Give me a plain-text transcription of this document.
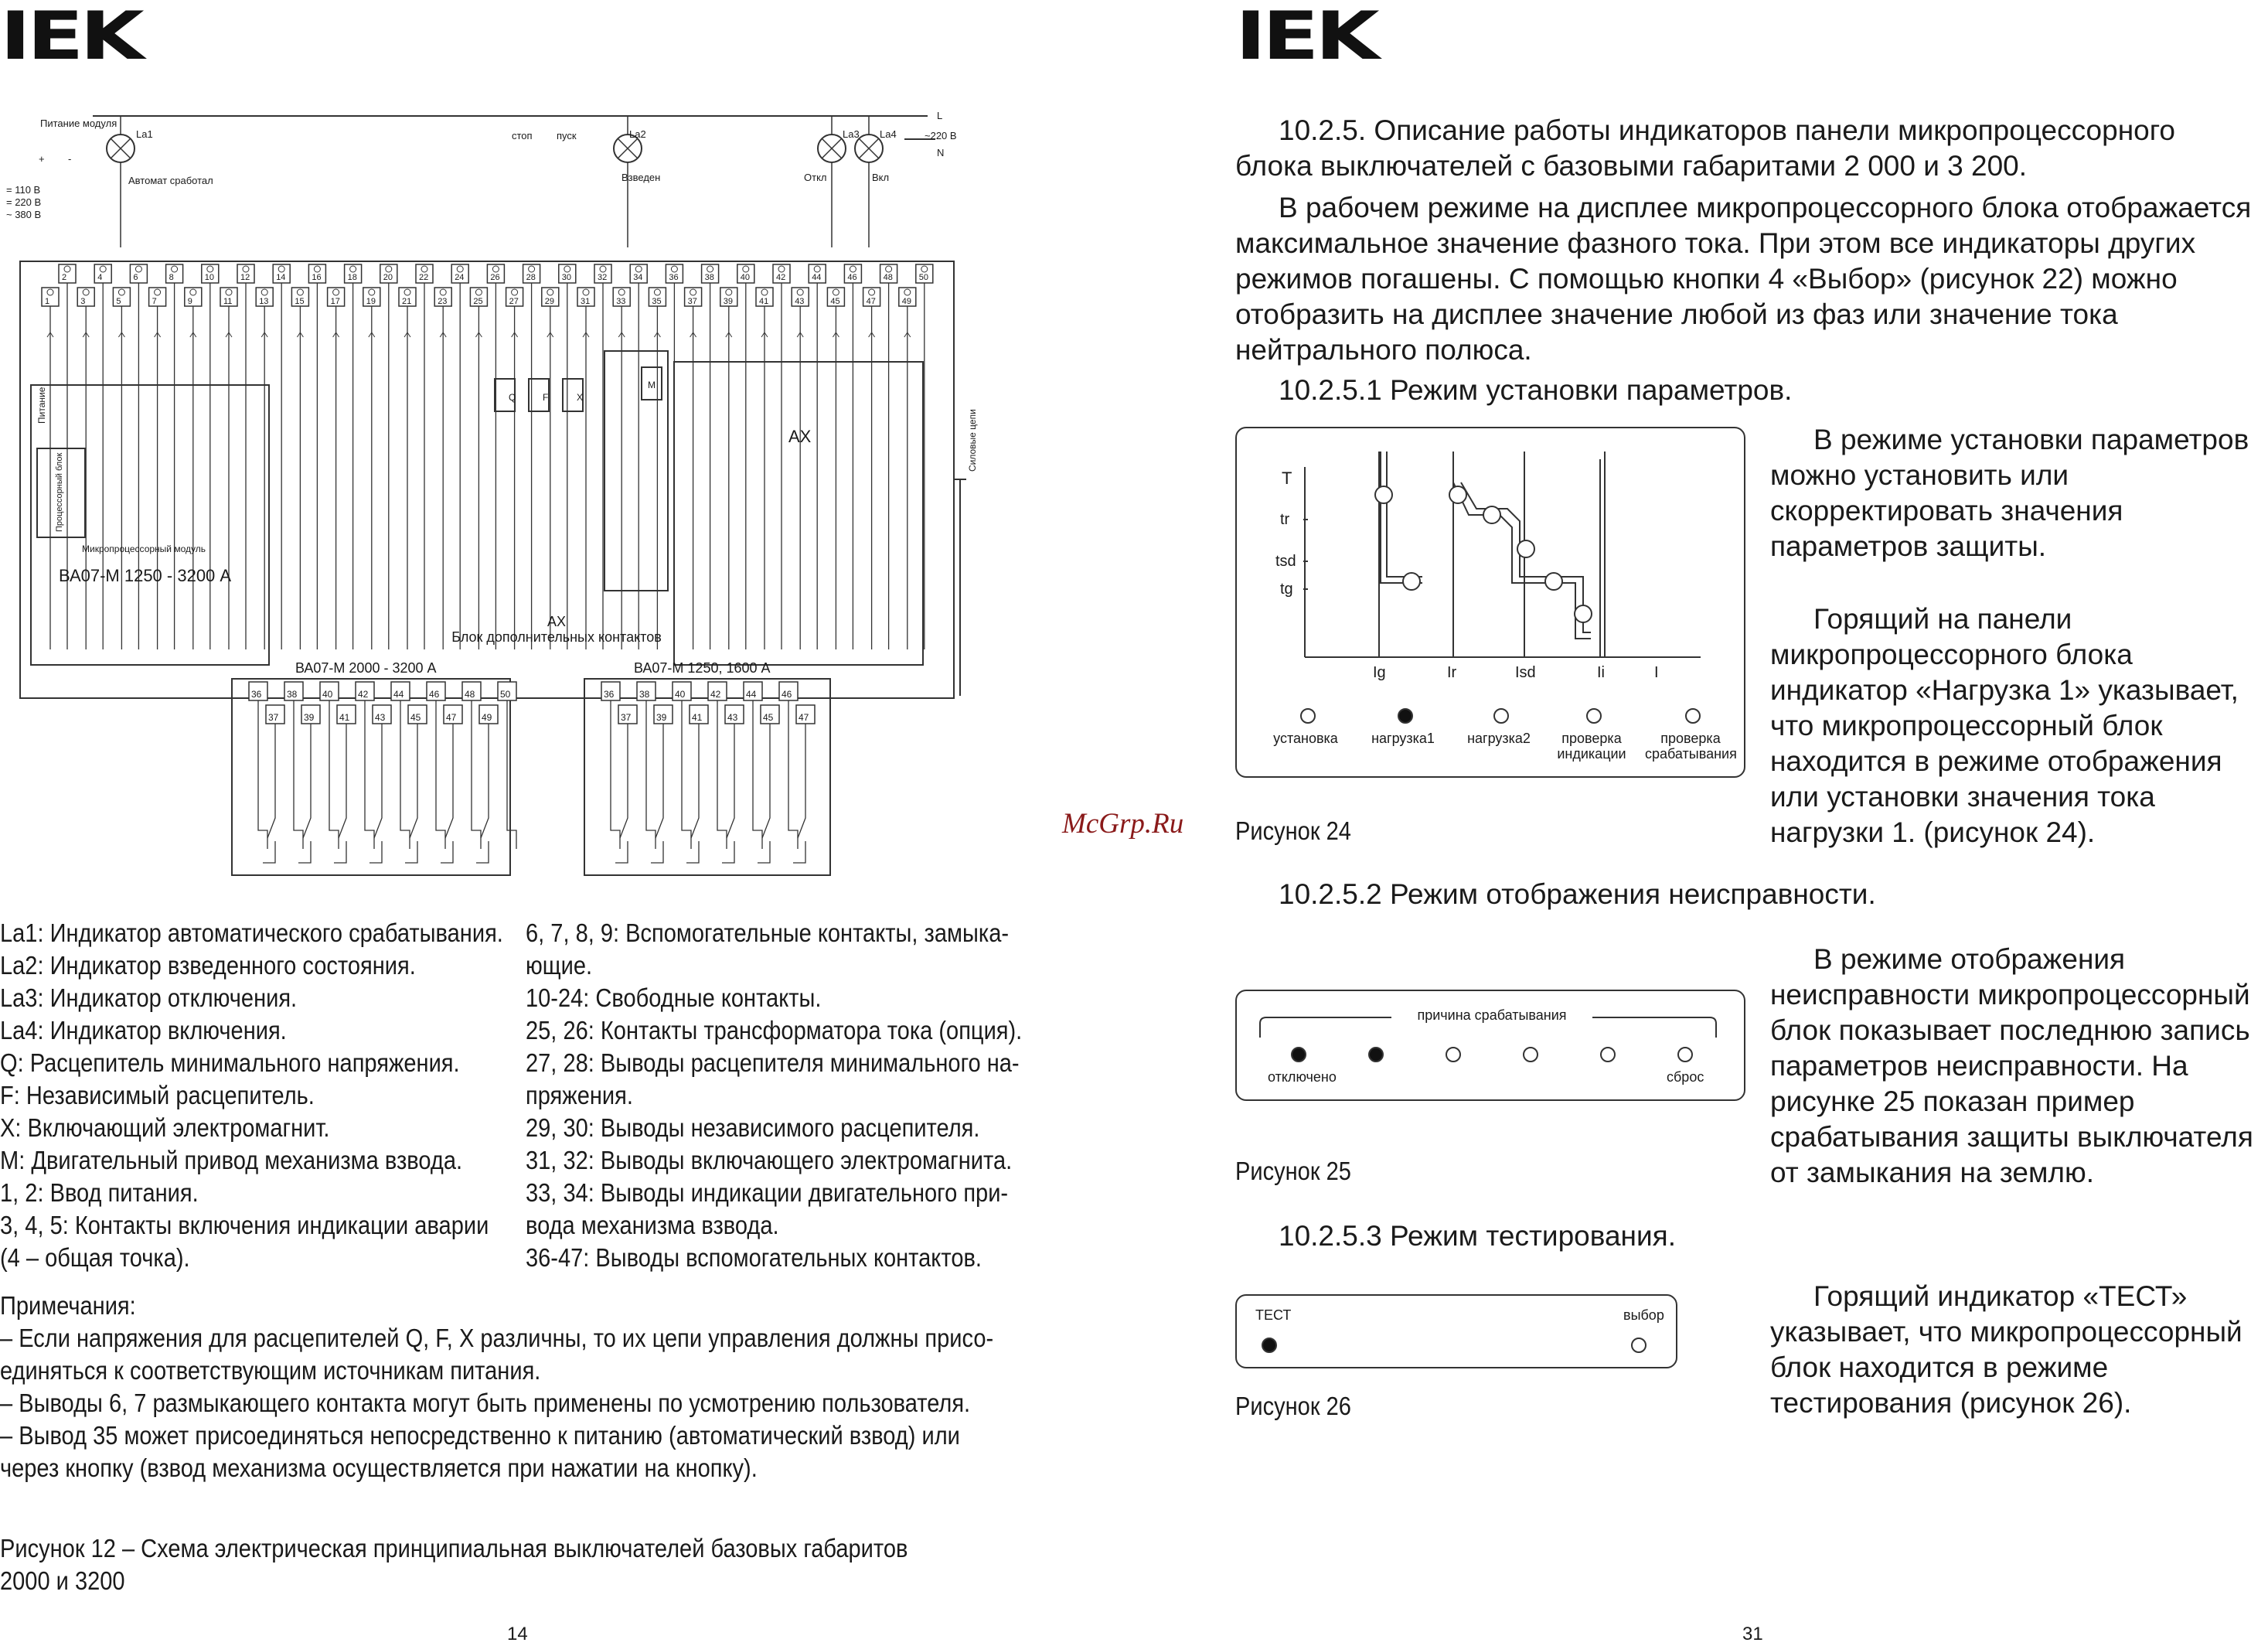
IEK
2	4	6	8	10	12	14	16	18	20	22	24	26	28	30	32	34	36	38	40	42	44	46	48	50
1	3	5	7	9	11	13	15	17	19	21	23	25	27	29	31	33	35	37	39	41	43	45	47	49
Питание модуля
+ -
= 110 В
= 220 В
~ 380 В
La1
Автомат сработал
стоп пуск	La2
Взведен
La3
Откл
La4
Вкл
L
~220 В
N
Питание
Процессорный блок
Микропроцессорный модуль
Q	F	X
M
AX	Силовые цепи
ВА07-М 1250 - 3200 А
AX
Блок дополнительных контактов
ВА07-М 2000 - 3200 А	ВА07-М 1250, 1600 А
36	38	40	42	44	46	48	50
37	39	41	43	45	47	49
36	38	40	42	44	46
37	39	41	43	45	47
La1: Индикатор автоматического срабатывания.
La2: Индикатор взведенного состояния.
La3: Индикатор отключения.
La4: Индикатор включения.
Q: Расцепитель минимального напряжения.
F: Независимый расцепитель.
X: Включающий электромагнит.
M: Двигательный привод механизма взвода.
1, 2: Ввод питания.
3, 4, 5: Контакты включения индикации аварии
(4 – общая точка).
6, 7, 8, 9: Вспомогательные контакты, замыка-
ющие.
10-24: Свободные контакты.
25, 26: Контакты трансформатора тока (опция).
27, 28: Выводы расцепителя минимального на-
пряжения.
29, 30: Выводы независимого расцепителя.
31, 32: Выводы включающего электромагнита.
33, 34: Выводы индикации двигательного при-
вода механизма взвода.
36-47: Выводы вспомогательных контактов.
Примечания:
– Если напряжения для расцепителей Q, F, X различны, то их цепи управления должны присо-
единяться к соответствующим источникам питания.
– Выводы 6, 7 размыкающего контакта могут быть применены по усмотрению пользователя.
– Вывод 35 может присоединяться непосредственно к питанию (автоматический взвод) или
через кнопку (взвод механизма осуществляется при нажатии на кнопку).
Рисунок 12 – Схема электрическая принципиальная выключателей базовых габаритов
2000 и 3200
14
McGrp.Ru
IEK
10.2.5. Описание работы индикаторов панели микропроцессорного блока выключателей с базовыми габаритами 2 000 и 3 200.
В рабочем режиме на дисплее микропроцессорного блока отображается максимальное значение фазного тока. При этом все индикаторы других режимов погашены. С помощью кнопки 4 «Выбор» (рисунок 22) можно отобразить на дисплее значение любой из фаз или значение тока нейтрального полюса.
10.2.5.1 Режим установки параметров.
T
tr
tsd
tg
Ig	Ir	Isd	Ii	I
установка	нагрузка1	нагрузка2	проверка индикации
проверка срабатывания
В режиме установки параметров можно установить или скорректировать значения параметров защиты.
Горящий на панели микропроцессорного блока индикатор «Нагрузка 1» указывает, что микропроцессорный блок находится в режиме отображения или установки значения тока нагрузки 1. (рисунок 24).
Рисунок 24
10.2.5.2 Режим отображения неисправности.
причина срабатывания
отключено	сброс
В режиме отображения неисправности микропроцессорный блок показывает последнюю запись параметров неисправности. На рисунке 25 показан пример срабатывания защиты выключателя от замыкания на землю.
Рисунок 25
10.2.5.3 Режим тестирования.
ТЕСТ	выбор
Горящий индикатор «ТЕСТ» указывает, что микропроцессорный блок находится в режиме тестирования (рисунок 26).
Рисунок 26
31
